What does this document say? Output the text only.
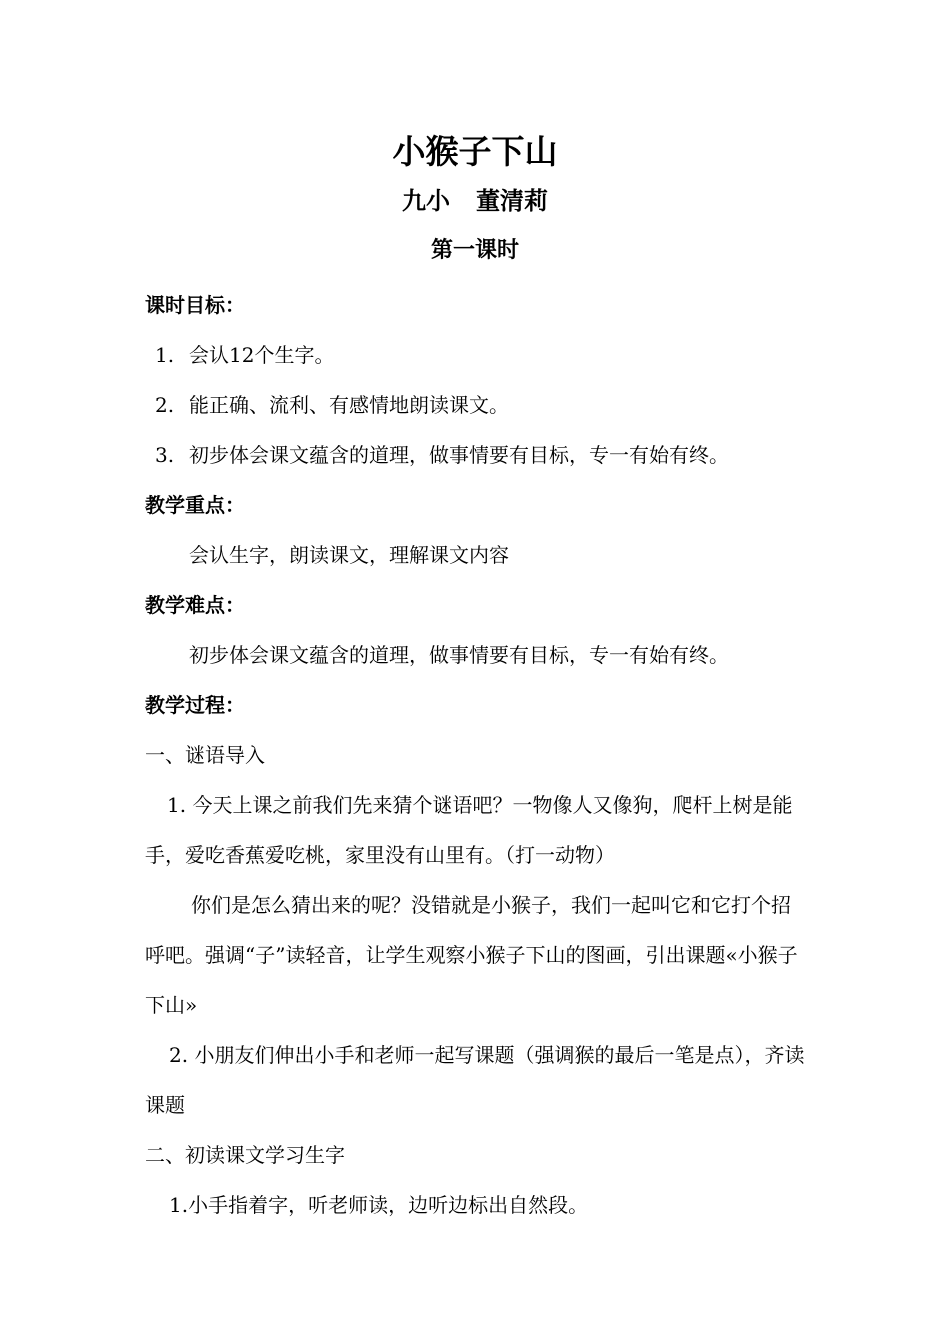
小猴子下山
九小 董清莉
第一课时

课时目标：

1. 会认12个生字。

2. 能正确、流利、有感情地朗读课文。

3. 初步体会课文蕴含的道理，做事情要有目标，专一有始有终。

教学重点：

会认生字，朗读课文，理解课文内容

教学难点：

初步体会课文蕴含的道理，做事情要有目标，专一有始有终。

教学过程：

一、谜语导入

1. 今天上课之前我们先来猜个谜语吧？一物像人又像狗，爬杆上树是能手，爱吃香蕉爱吃桃，家里没有山里有。（打一动物）

你们是怎么猜出来的呢？没错就是小猴子，我们一起叫它和它打个招呼吧。强调“子”读轻音，让学生观察小猴子下山的图画，引出课题«小猴子下山»

2. 小朋友们伸出小手和老师一起写课题（强调猴的最后一笔是点），齐读课题

二、初读课文学习生字

1.小手指着字，听老师读，边听边标出自然段。
